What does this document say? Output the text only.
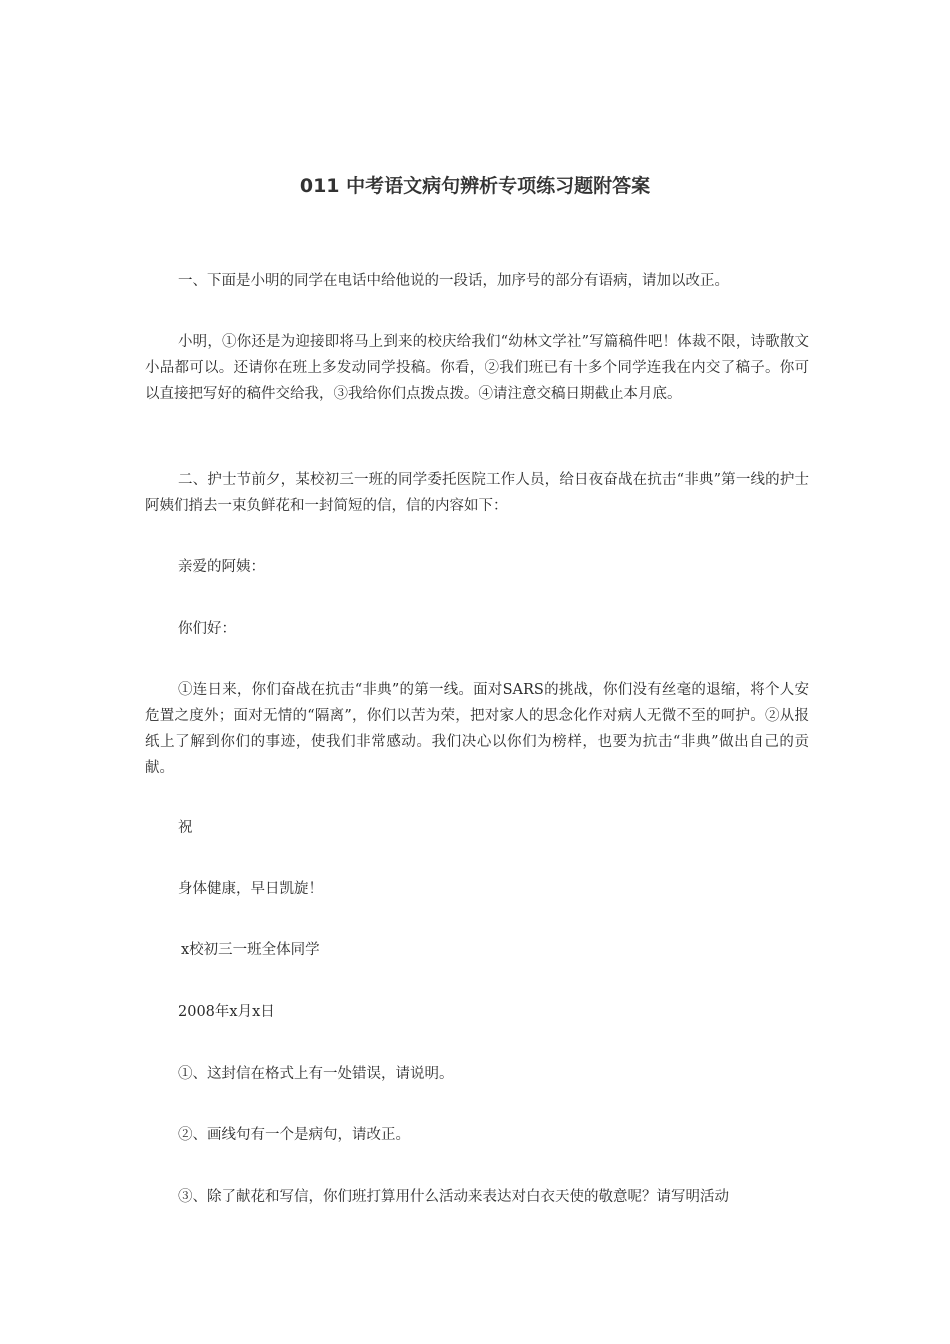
011 中考语文病句辨析专项练习题附答案

一、下面是小明的同学在电话中给他说的一段话，加序号的部分有语病，请加以改正。

小明，①你还是为迎接即将马上到来的校庆给我们“幼林文学社”写篇稿件吧！体裁不限，诗歌散文小品都可以。还请你在班上多发动同学投稿。你看，②我们班已有十多个同学连我在内交了稿子。你可以直接把写好的稿件交给我，③我给你们点拨点拨。④请注意交稿日期截止本月底。

二、护士节前夕，某校初三一班的同学委托医院工作人员，给日夜奋战在抗击“非典”第一线的护士阿姨们捎去一束负鲜花和一封简短的信，信的内容如下：

亲爱的阿姨：

你们好：

①连日来，你们奋战在抗击“非典”的第一线。面对SARS的挑战，你们没有丝毫的退缩，将个人安危置之度外；面对无情的“隔离”，你们以苦为荣，把对家人的思念化作对病人无微不至的呵护。②从报纸上了解到你们的事迹，使我们非常感动。我们决心以你们为榜样，也要为抗击“非典”做出自己的贡献。

祝

身体健康，早日凯旋！

x校初三一班全体同学

2008年x月x日

①、这封信在格式上有一处错误，请说明。

②、画线句有一个是病句，请改正。

③、除了献花和写信，你们班打算用什么活动来表达对白衣天使的敬意呢？请写明活动
